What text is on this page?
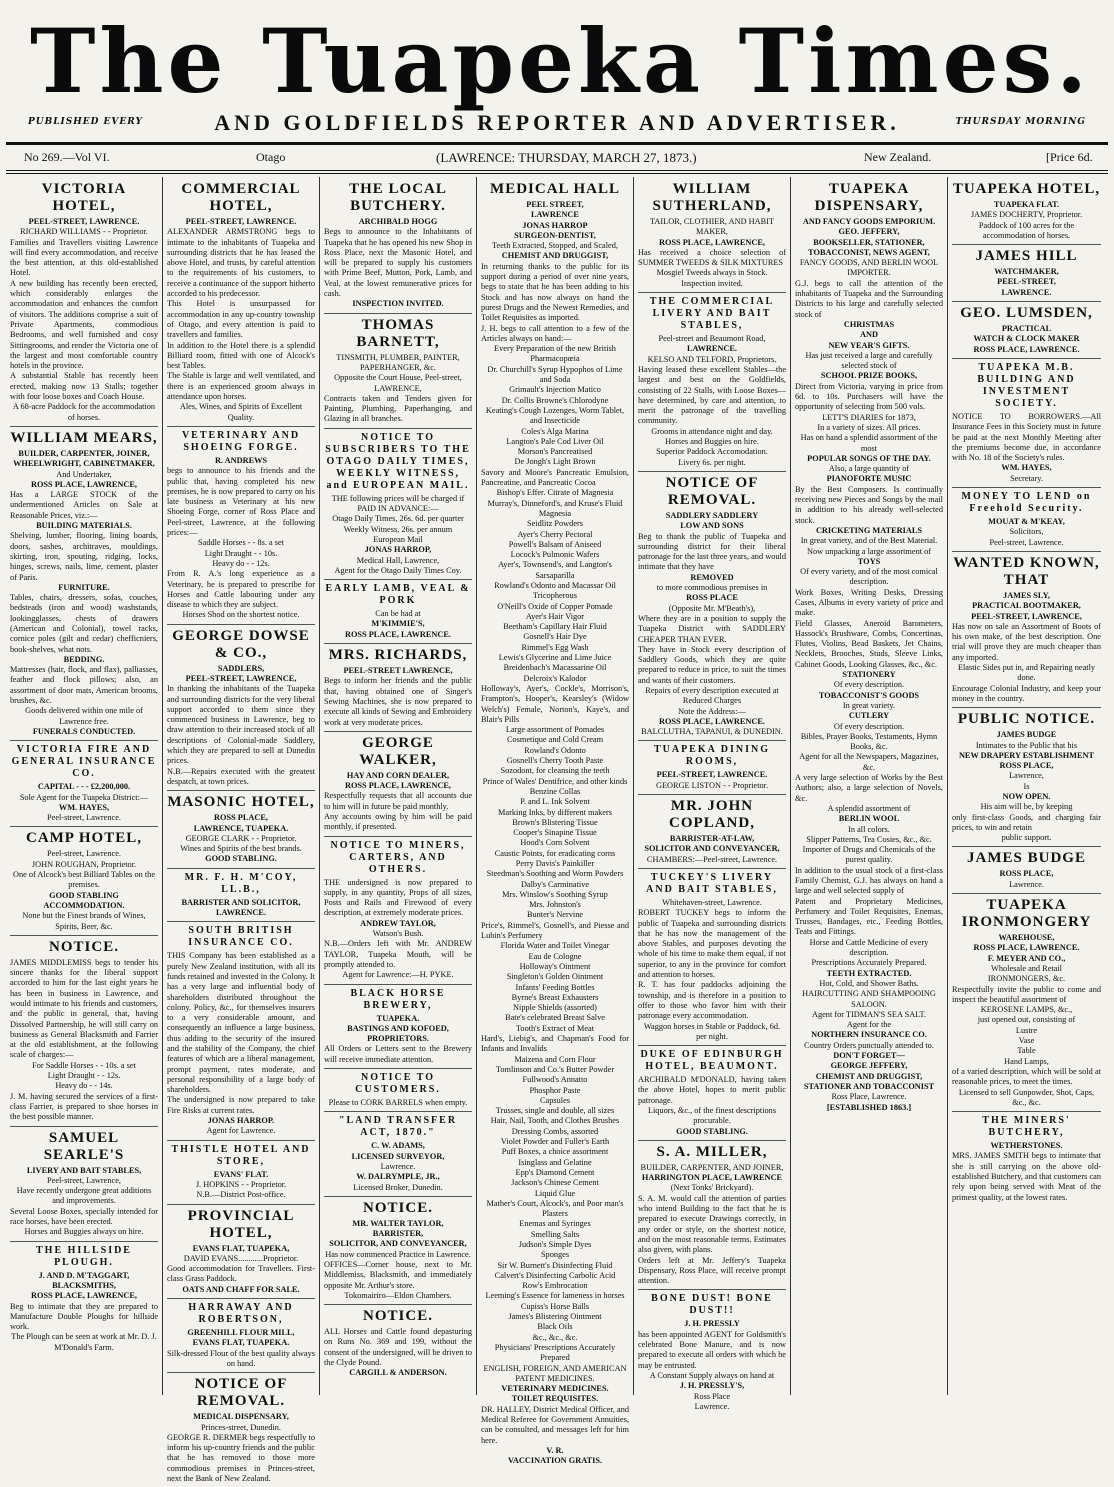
The Tuapeka Times.
PUBLISHED EVERY	AND GOLDFIELDS REPORTER AND ADVERTISER.	THURSDAY MORNING
No 269.—Vol VI.	Otago	(LAWRENCE: THURSDAY, MARCH 27, 1873.)	New Zealand.	[Price 6d.
VICTORIA HOTEL,
PEEL-STREET, LAWRENCE.
RICHARD WILLIAMS - - Proprietor.
Families and Travellers visiting Lawrence will find every accommodation, and receive the best attention, at this old-established Hotel.
A new building has recently been erected, which considerably enlarges the accommodation and enhances the comfort of visitors. The additions comprise a suit of Private Apartments, commodious Bedrooms, and well furnished and cosy Sittingrooms, and render the Victoria one of the largest and most comfortable country hotels in the province.
A substantial Stable has recently been erected, making now 13 Stalls; together with four loose boxes and Coach House.
A 68-acre Paddock for the accommodation of horses.
WILLIAM MEARS,
BUILDER, CARPENTER, JOINER,
WHEELWRIGHT, CABINETMAKER,
And Undertaker,
ROSS PLACE, LAWRENCE,
Has a LARGE STOCK of the undermentioned Articles on Sale at Reasonable Prices, viz.:—
BUILDING MATERIALS.
Shelving, lumber, flooring, lining boards, doors, sashes, architraves, mouldings, skirting, iron, spouting, ridging, locks, hinges, screws, nails, lime, cement, plaster of Paris.
FURNITURE.
Tables, chairs, dressers, sofas, couches, bedsteads (iron and wood) washstands, lookingglasses, chests of drawers (American and Colonial), towel racks, cornice poles (gilt and cedar) chefficniers, book-shelves, what nots.
BEDDING.
Mattresses (hair, flock, and flax), palliasses, feather and flock pillows; also, an assortment of door mats, American brooms, brushes, &c.
Goods delivered within one mile of Lawrence free.
FUNERALS CONDUCTED.
VICTORIA FIRE AND GENERAL INSURANCE CO.
CAPITAL - - - £2,200,000.
Sole Agent for the Tuapeka District:—
WM. HAYES,
Peel-street, Lawrence.
CAMP HOTEL,
Peel-street, Lawrence.
JOHN ROUGHAN, Proprietor.
One of Alcock's best Billiard Tables on the premises.
GOOD STABLING ACCOMMODATION.
None but the Finest brands of Wines, Spirits, Beer, &c.
NOTICE.
JAMES MIDDLEMISS begs to tender his sincere thanks for the liberal support accorded to him for the last eight years he has been in business in Lawrence, and would intimate to his friends and customers, and the public in general, that, having Dissolved Partnership, he will still carry on business as General Blacksmith and Farrier at the old establishment, at the following scale of charges:—
For Saddle Horses - - 10s. a set
Light Draught - - 12s.
Heavy do - - 14s.
J. M. having secured the services of a first-class Farrier, is prepared to shoe horses in the best possible manner.
SAMUEL SEARLE'S
LIVERY AND BAIT STABLES,
Peel-street, Lawrence,
Have recently undergone great additions and improvements.
Several Loose Boxes, specially intended for race horses, have been erected.
Horses and Buggies always on hire.
THE HILLSIDE PLOUGH.
J. AND D. M'TAGGART,
BLACKSMITHS,
ROSS PLACE, LAWRENCE,
Beg to intimate that they are prepared to Manufacture Double Ploughs for hillside work.
The Plough can be seen at work at Mr. D. J. M'Donald's Farm.
COMMERCIAL HOTEL,
PEEL-STREET, LAWRENCE.
ALEXANDER ARMSTRONG begs to intimate to the inhabitants of Tuapeka and surrounding districts that he has leased the above Hotel, and trusts, by careful attention to the requirements of his customers, to receive a continuance of the support hitherto accorded to his predecessor.
This Hotel is unsurpassed for accommodation in any up-country township of Otago, and every attention is paid to travellers and families.
In addition to the Hotel there is a splendid Billiard room, fitted with one of Alcock's best Tables.
The Stable is large and well ventilated, and there is an experienced groom always in attendance upon horses.
Ales, Wines, and Spirits of Excellent Quality.
VETERINARY AND SHOEING FORGE.
R. ANDREWS
begs to announce to his friends and the public that, having completed his new premises, he is now prepared to carry on his late business as Veterinary at his new Shoeing Forge, corner of Ross Place and Peel-street, Lawrence, at the following prices:—
Saddle Horses - - 8s. a set
Light Draught - - 10s.
Heavy do - - 12s.
From R. A.'s long experience as a Veterinary, he is prepared to prescribe for Horses and Cattle labouring under any disease to which they are subject.
Horses Shod on the shortest notice.
GEORGE DOWSE & CO.,
SADDLERS,
PEEL-STREET, LAWRENCE,
In thanking the inhabitants of the Tuapeka and surrounding districts for the very liberal support accorded to them since they commenced business in Lawrence, beg to draw attention to their increased stock of all descriptions of Colonial-made Saddlery, which they are prepared to sell at Dunedin prices.
N.B.—Repairs executed with the greatest despatch, at town prices.
MASONIC HOTEL,
ROSS PLACE,
LAWRENCE, TUAPEKA.
GEORGE CLARK - - Proprietor.
Wines and Spirits of the best brands.
GOOD STABLING.
MR. F. H. M'COY, LL.B.,
BARRISTER AND SOLICITOR,
LAWRENCE.
SOUTH BRITISH INSURANCE CO.
THIS Company has been established as a purely New Zealand institution, with all its funds retained and invested in the Colony. It has a very large and influential body of shareholders distributed throughout the colony. Policy, &c., for themselves insurers to a very considerable amount, and consequently an influence a large business, thus adding to the security of the insured and the stability of the Company, the chief features of which are a liberal management, prompt payment, rates moderate, and personal responsibility of a large body of shareholders.
The undersigned is now prepared to take Fire Risks at current rates.
JONAS HARROP.
Agent for Lawrence.
THISTLE HOTEL AND STORE,
EVANS' FLAT.
J. HOPKINS - - Proprietor.
N.B.—District Post-office.
PROVINCIAL HOTEL,
EVANS FLAT, TUAPEKA,
DAVID EVANS............Proprietor.
Good accommodation for Travellers. First-class Grass Paddock.
OATS AND CHAFF FOR SALE.
HARRAWAY AND ROBERTSON,
GREENHILL FLOUR MILL,
EVANS FLAT, TUAPEKA.
Silk-dressed Flour of the best quality always on hand.
NOTICE OF REMOVAL.
MEDICAL DISPENSARY,
Princes-street, Dunedin.
GEORGE R. DERMER begs respectfully to inform his up-country friends and the public that he has removed to those more commodious premises in Princes-street, next the Bank of New Zealand.
THE LOCAL BUTCHERY.
ARCHIBALD HOGG
Begs to announce to the Inhabitants of Tuapeka that he has opened his new Shop in Ross Place, next the Masonic Hotel, and will be prepared to supply his customers with Prime Beef, Mutton, Pork, Lamb, and Veal, at the lowest remunerative prices for cash.
INSPECTION INVITED.
THOMAS BARNETT,
TINSMITH, PLUMBER, PAINTER, PAPERHANGER, &c.
Opposite the Court House, Peel-street, LAWRENCE,
Contracts taken and Tenders given for Painting, Plumbing, Paperhanging, and Glazing in all branches.
NOTICE TO SUBSCRIBERS TO THE OTAGO DAILY TIMES, WEEKLY WITNESS, and EUROPEAN MAIL.
THE following prices will be charged if PAID IN ADVANCE:—
Otago Daily Times, 26s. 6d. per quarter
Weekly Witness, 26s. per annum
European Mail
JONAS HARROP,
Medical Hall, Lawrence,
Agent for the Otago Daily Times Coy.
EARLY LAMB, VEAL & PORK
Can be had at
M'KIMMIE'S,
ROSS PLACE, LAWRENCE.
MRS. RICHARDS,
PEEL-STREET LAWRENCE,
Begs to inform her friends and the public that, having obtained one of Singer's Sewing Machines, she is now prepared to execute all kinds of Sewing and Embroidery work at very moderate prices.
GEORGE WALKER,
HAY AND CORN DEALER,
ROSS PLACE, LAWRENCE,
Respectfully requests that all accounts due to him will in future be paid monthly.
Any accounts owing by him will be paid monthly, if presented.
NOTICE TO MINERS, CARTERS, AND OTHERS.
THE undersigned is now prepared to supply, in any quantity, Props of all sizes, Posts and Rails and Firewood of every description, at extremely moderate prices.
ANDREW TAYLOR,
Watson's Bush.
N.B.—Orders left with Mr. ANDREW TAYLOR, Tuapeka Mouth, will be promptly attended to.
Agent for Lawrence:—H. PYKE.
BLACK HORSE BREWERY,
TUAPEKA.
BASTINGS AND KOFOED,
PROPRIETORS.
All Orders or Letters sent to the Brewery will receive immediate attention.
NOTICE TO CUSTOMERS.
Please to CORK BARRELS when empty.
"LAND TRANSFER ACT, 1870."
C. W. ADAMS,
LICENSED SURVEYOR,
Lawrence.
W. DALRYMPLE, JR.,
Licensed Broker, Dunedin.
NOTICE.
MR. WALTER TAYLOR,
BARRISTER,
SOLICITOR, AND CONVEYANCER,
Has now commenced Practice in Lawrence.
OFFICES—Corner house, next to Mr. Middlemiss, Blacksmith, and immediately opposite Mr. Arthur's store.
Tokomairiro—Eldon Chambers.
NOTICE.
ALL Horses and Cattle found depasturing on Runs No. 369 and 199, without the consent of the undersigned, will be driven to the Clyde Pound.
CARGILL & ANDERSON.
MEDICAL HALL
PEEL STREET,
LAWRENCE
JONAS HARROP
SURGEON-DENTIST,
Teeth Extracted, Stopped, and Scaled,
CHEMIST AND DRUGGIST,
In returning thanks to the public for its support during a period of over nine years, begs to state that he has been adding to his Stock and has now always on hand the purest Drugs and the Newest Remedies, and Toilet Requisites as imported.
J. H. begs to call attention to a few of the Articles always on hand:—
Every Preparation of the new British Pharmacopœia
Dr. Churchill's Syrup Hypophos of Lime and Soda
Grimault's Injection Matico
Dr. Collis Browne's Chlorodyne
Keating's Cough Lozenges, Worm Tablet, and Insecticide
Coles's Alga Marina
Langton's Pale Cod Liver Oil
Morson's Pancreatised
De Jongh's Light Brown
Savory and Moore's Pancreatic Emulsion, Pancreatine, and Pancreatic Cocoa
Bishop's Effer. Citrate of Magnesia
Murray's, Dinneford's, and Kruse's Fluid Magnesia
Seidlitz Powders
Ayer's Cherry Pectoral
Powell's Balsam of Aniseed
Locock's Pulmonic Wafers
Ayer's, Townsend's, and Langton's Sarsaparilla
Rowland's Odonto and Macassar Oil
Tricopherous
O'Neill's Oxide of Copper Pomade
Ayer's Hair Vigor
Beetham's Capillary Hair Fluid
Gosnell's Hair Dye
Rimmel's Egg Wash
Lewis's Glycerine and Lime Juice
Breidenbach's Macassarine Oil
Delcroix's Kalodor
Holloway's, Ayer's, Cockle's, Morrison's, Frampton's, Hooper's, Kearsley's (Widow Welch's) Female, Norton's, Kaye's, and Blair's Pills
Large assortment of Pomades
Cosmetique and Cold Cream
Rowland's Odonto
Gosnell's Cherry Tooth Paste
Sozodont, for cleansing the teeth
Prince of Wales' Dentifrice, and other kinds
Benzine Collas
P. and L. Ink Solvent
Marking Inks, by different makers
Brown's Blistering Tissue
Cooper's Sinapine Tissue
Hood's Corn Solvent
Caustic Points, for eradicating corns
Perry Davis's Painkiller
Steedman's Soothing and Worm Powders
Dalby's Carminative
Mrs. Winslow's Soothing Syrup
Mrs. Johnston's
Bunter's Nervine
Price's, Rimmel's, Gosnell's, and Piesse and Lubin's Perfumery
Florida Water and Toilet Vinegar
Eau de Cologne
Holloway's Ointment
Singleton's Golden Ointment
Infants' Feeding Bottles
Byrne's Breast Exhausters
Nipple Shields (assorted)
Bate's celebrated Breast Salve
Tooth's Extract of Meat
Hard's, Liebig's, and Chapman's Food for Infants and Invalids
Maizena and Corn Flour
Tomlinson and Co.'s Butter Powder
Fullwood's Annatto
Phosphor Paste
Capsules
Trusses, single and double, all sizes
Hair, Nail, Tooth, and Clothes Brushes
Dressing Combs, assorted
Violet Powder and Fuller's Earth
Puff Boxes, a choice assortment
Isinglass and Gelatine
Epp's Diamond Cement
Jackson's Chinese Cement
Liquid Glue
Mather's Court, Alcock's, and Poor man's Plasters
Enemas and Syringes
Smelling Salts
Judson's Simple Dyes
Sponges
Sir W. Burnett's Disinfecting Fluid
Calvert's Disinfecting Carbolic Acid
Row's Embrocation
Leeming's Essence for lameness in horses
Cupiss's Horse Balls
James's Blistering Ointment
Black Oils
&c., &c., &c.
Physicians' Prescriptions Accurately Prepared
ENGLISH, FOREIGN, AND AMERICAN PATENT MEDICINES.
VETERINARY MEDICINES.
TOILET REQUISITES.
DR. HALLEY, District Medical Officer, and Medical Referee for Government Annuities, can be consulted, and messages left for him here.
V. R.
VACCINATION GRATIS.
WILLIAM SUTHERLAND,
TAILOR, CLOTHIER, AND HABIT MAKER,
ROSS PLACE, LAWRENCE,
Has received a choice selection of SUMMER TWEEDS & SILK MIXTURES
Mosgiel Tweeds always in Stock.
Inspection invited.
THE COMMERCIAL LIVERY AND BAIT STABLES,
Peel-street and Beaumont Road,
LAWRENCE.
KELSO AND TELFORD, Proprietors.
Having leased these excellent Stables—the largest and best on the Goldfields, consisting of 22 Stalls, with Loose Boxes—have determined, by care and attention, to merit the patronage of the travelling community.
Grooms in attendance night and day.
Horses and Buggies on hire.
Superior Paddock Accomodation.
Livery 6s. per night.
NOTICE OF REMOVAL.
SADDLERY SADDLERY
LOW AND SONS
Beg to thank the public of Tuapeka and surrounding district for their liberal patronage for the last three years, and would intimate that they have
REMOVED
to more commodious premises in
ROSS PLACE
(Opposite Mr. M'Beath's),
Where they are in a position to supply the Tuapeka District with SADDLERY CHEAPER THAN EVER.
They have in Stock every description of Saddlery Goods, which they are quite prepared to reduce in price, to suit the times and wants of their customers.
Repairs of every description executed at Reduced Charges
Note the Address:—
ROSS PLACE, LAWRENCE.
BALCLUTHA, TAPANUI, & DUNEDIN.
TUAPEKA DINING ROOMS,
PEEL-STREET, LAWRENCE.
GEORGE LISTON - - Proprietor.
MR. JOHN COPLAND,
BARRISTER-AT-LAW,
SOLICITOR AND CONVEYANCER,
CHAMBERS:—Peel-street, Lawrence.
TUCKEY'S LIVERY AND BAIT STABLES,
Whitehaven-street, Lawrence.
ROBERT TUCKEY begs to inform the public of Tuapeka and surrounding districts that he has now the management of the above Stables, and purposes devoting the whole of his time to make them equal, if not superior, to any in the province for comfort and attention to horses.
R. T. has four paddocks adjoining the township, and is therefore in a position to offer to those who favor him with their patronage every accommodation.
Waggon horses in Stable or Paddock, 6d. per night.
DUKE OF EDINBURGH HOTEL, BEAUMONT.
ARCHIBALD M'DONALD, having taken the above Hotel, hopes to merit public patronage.
Liquors, &c., of the finest descriptions procurable.
GOOD STABLING.
S. A. MILLER,
BUILDER, CARPENTER, AND JOINER,
HARRINGTON PLACE, LAWRENCE
(Next Tonks' Brickyard).
S. A. M. would call the attention of parties who intend Building to the fact that he is prepared to execute Drawings correctly, in any order or style, on the shortest notice, and on the most reasonable terms. Estimates also given, with plans.
Orders left at Mr. Jeffery's Tuapeka Dispensary, Ross Place, will receive prompt attention.
BONE DUST! BONE DUST!!
J. H. PRESSLY
has been appointed AGENT for Goldsmith's celebrated Bone Manure, and is now prepared to execute all orders with which he may be entrusted.
A Constant Supply always on hand at
J. H. PRESSLY'S,
Ross Place
Lawrence.
TUAPEKA DISPENSARY,
AND FANCY GOODS EMPORIUM.
GEO. JEFFERY,
BOOKSELLER, STATIONER,
TOBACCONIST, NEWS AGENT,
FANCY GOODS, AND BERLIN WOOL IMPORTER.
G.J. begs to call the attention of the inhabitants of Tuapeka and the Surrounding Districts to his large and carefully selected stock of
CHRISTMAS
AND
NEW YEAR'S GIFTS.
Has just received a large and carefully selected stock of
SCHOOL PRIZE BOOKS,
Direct from Victoria, varying in price from 6d. to 10s. Purchasers will have the opportunity of selecting from 500 vols.
LETT'S DIARIES for 1873,
In a variety of sizes. All prices.
Has on hand a splendid assortment of the most
POPULAR SONGS OF THE DAY.
Also, a large quantity of
PIANOFORTE MUSIC
By the Best Composers. Is continually receiving new Pieces and Songs by the mail in addition to his already well-selected stock.
CRICKETING MATERIALS
In great variety, and of the Best Material.
Now unpacking a large assortment of
TOYS
Of every variety, and of the most comical description.
Work Boxes, Writing Desks, Dressing Cases, Albums in every variety of price and make.
Field Glasses, Aneroid Barometers, Hassock's Brushware, Combs, Concertinas, Flutes, Violins, Bead Baskets, Jet Chains, Necklets, Brooches, Studs, Sleeve Links, Cabinet Goods, Looking Glasses, &c., &c.
STATIONERY
Of every description.
TOBACCONIST'S GOODS
In great variety.
CUTLERY
Of every description.
Bibles, Prayer Books, Testaments, Hymn Books, &c.
Agent for all the Newspapers, Magazines, &c.
A very large selection of Works by the Best Authors; also, a large selection of Novels, &c.
A splendid assortment of
BERLIN WOOL
In all colors.
Slipper Patterns, Tea Cosies, &c., &c.
Importer of Drugs and Chemicals of the purest quality.
In addition to the usual stock of a first-class Family Chemist, G.J. has always on hand a large and well selected supply of
Patent and Proprietary Medicines, Perfumery and Toilet Requisites, Enemas, Trusses, Bandages, etc., Feeding Bottles, Teats and Fittings.
Horse and Cattle Medicine of every description.
Prescriptions Accurately Prepared.
TEETH EXTRACTED.
Hot, Cold, and Shower Baths.
HAIRCUTTING AND SHAMPOOING SALOON.
Agent for TIDMAN'S SEA SALT.
Agent for the
NORTHERN INSURANCE CO.
Country Orders punctually attended to.
DON'T FORGET—
GEORGE JEFFERY,
CHEMIST AND DRUGGIST,
STATIONER AND TOBACCONIST
Ross Place, Lawrence.
[ESTABLISHED 1863.]
TUAPEKA HOTEL,
TUAPEKA FLAT.
JAMES DOCHERTY, Proprietor.
Paddock of 100 acres for the accommodation of horses.
JAMES HILL
WATCHMAKER,
PEEL-STREET,
LAWRENCE.
GEO. LUMSDEN,
PRACTICAL
WATCH & CLOCK MAKER
ROSS PLACE, LAWRENCE.
TUAPEKA M.B. BUILDING AND INVESTMENT SOCIETY.
NOTICE TO BORROWERS.—All Insurance Fees in this Society must in future be paid at the next Monthly Meeting after the premiums become due, in accordance with No. 18 of the Society's rules.
WM. HAYES,
Secretary.
MONEY TO LEND on Freehold Security.
MOUAT & M'KEAY,
Solicitors,
Peel-street, Lawrence.
WANTED KNOWN, THAT
JAMES SLY,
PRACTICAL BOOTMAKER,
PEEL-STREET, LAWRENCE,
Has now on sale an Assortment of Boots of his own make, of the best description. One trial will prove they are much cheaper than any imported.
Elastic Sides put in, and Repairing neatly done.
Encourage Colonial Industry, and keep your money in the country.
PUBLIC NOTICE.
JAMES BUDGE
Intimates to the Public that his
NEW DRAPERY ESTABLISHMENT
ROSS PLACE,
Lawrence,
Is
NOW OPEN.
His aim will be, by keeping
only first-class Goods, and charging fair prices, to win and retain
public support.
JAMES BUDGE
ROSS PLACE,
Lawrence.
TUAPEKA IRONMONGERY
WAREHOUSE,
ROSS PLACE, LAWRENCE.
F. MEYER AND CO.,
Wholesale and Retail
IRONMONGERS, &c.
Respectfully invite the public to come and inspect the beautiful assortment of
KEROSENE LAMPS, &c.,
just opened out, consisting of
Lustre
Vase
Table
Hand Lamps,
of a varied description, which will be sold at reasonable prices, to meet the times.
Licensed to sell Gunpowder, Shot, Caps, &c., &c.
THE MINERS' BUTCHERY,
WETHERSTONES.
MRS. JAMES SMITH begs to intimate that she is still carrying on the above old-established Butchery, and that customers can rely upon being served with Meat of the primest quality, at the lowest rates.
